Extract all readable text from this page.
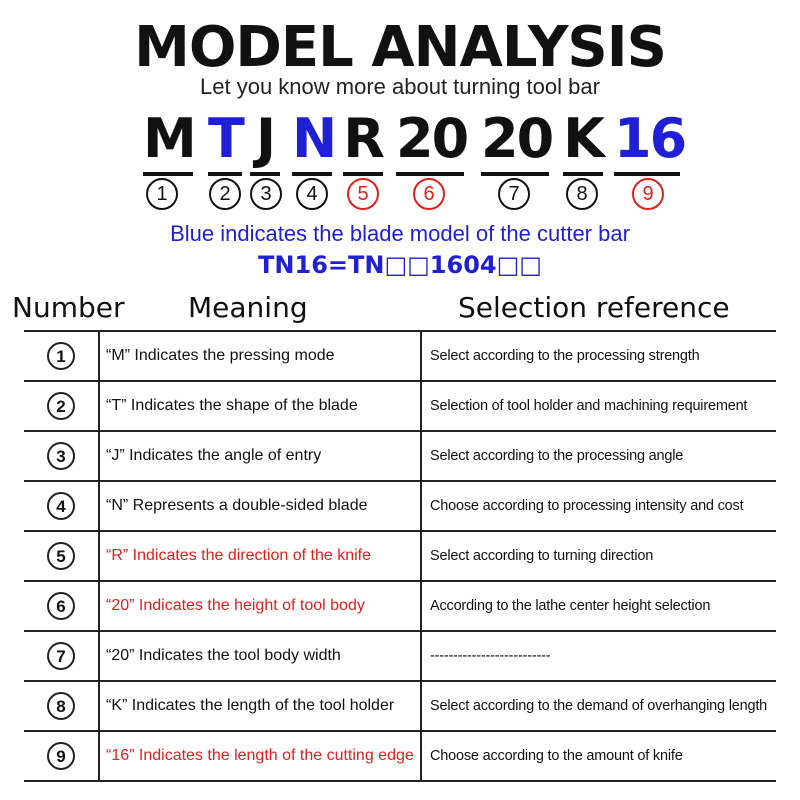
MODEL ANALYSIS
Let you know more about turning tool bar
M T J N R 20 20 K 16
1	2	3	4	5	6	7	8	9
Blue indicates the blade model of the cutter bar
TN16=TN□□1604□□
Number Meaning	Selection reference
1	“M” Indicates the pressing mode	Select according to the processing strength
2	“T” Indicates the shape of the blade	Selection of tool holder and machining requirement
3	“J” Indicates the angle of entry	Select according to the processing angle
4	“N” Represents a double-sided blade	Choose according to processing intensity and cost
5	“R” Indicates the direction of the knife	Select according to turning direction
6	“20” Indicates the height of tool body	According to the lathe center height selection
7	“20” Indicates the tool body width	--------------------------
8	“K” Indicates the length of the tool holder	Select according to the demand of overhanging length
9	“16” Indicates the length of the cutting edge	Choose according to the amount of knife
